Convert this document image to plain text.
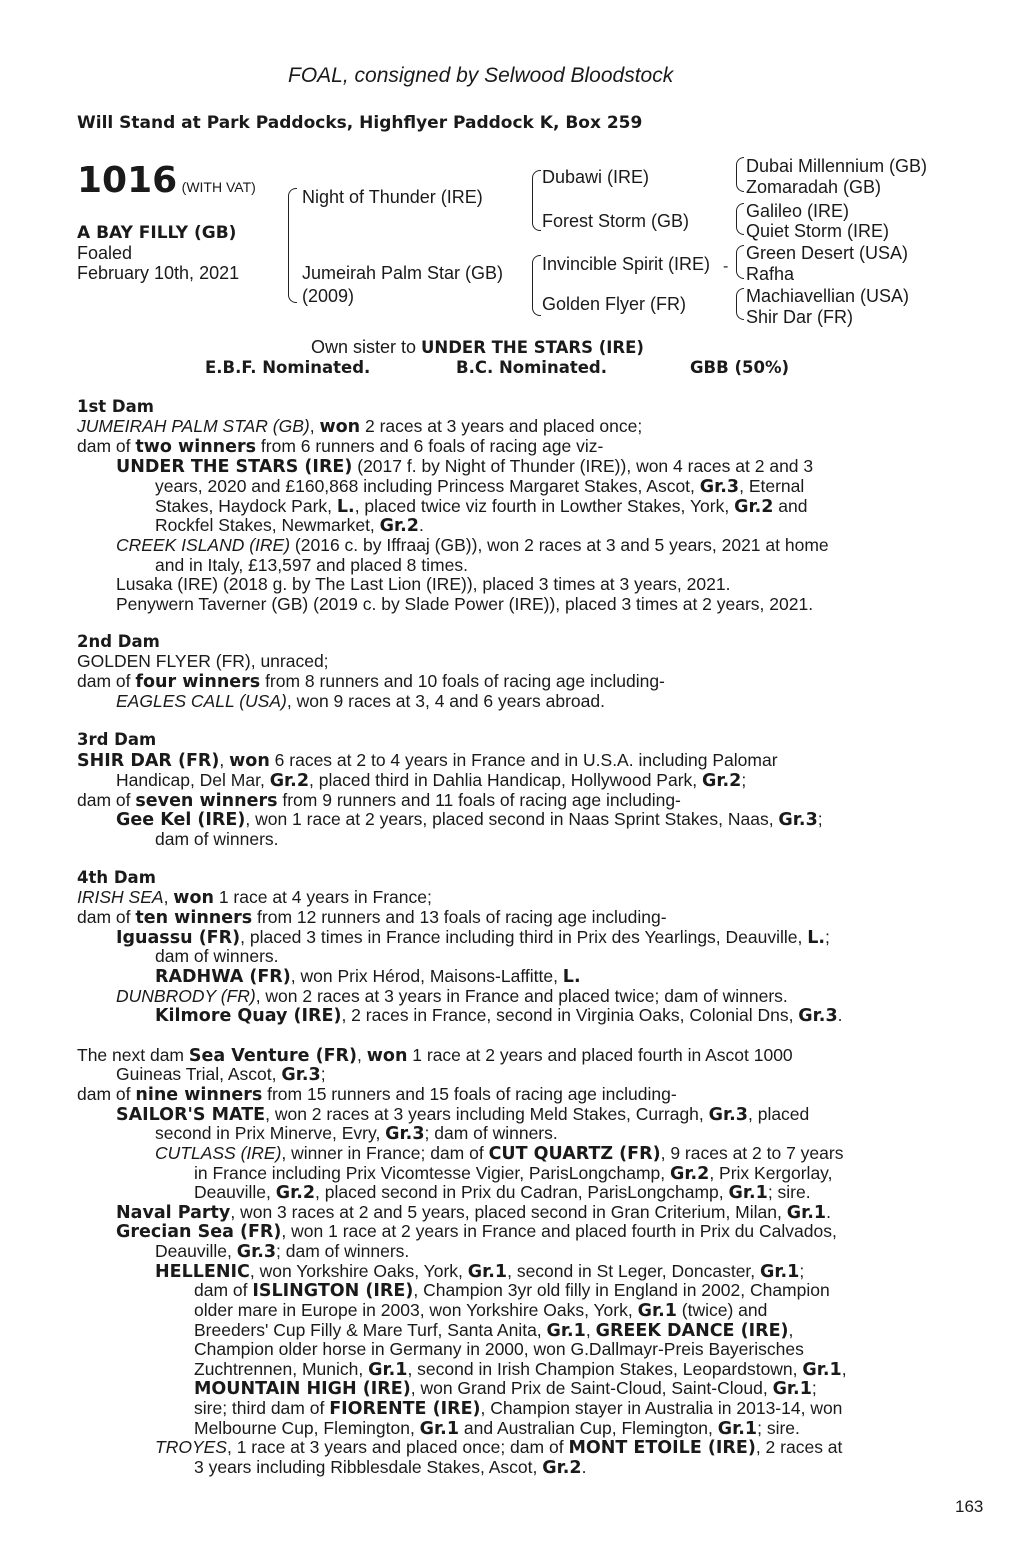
FOAL, consigned by Selwood Bloodstock
Will Stand at Park Paddocks, Highflyer Paddock K, Box 259
1016 (WITH VAT)
A BAY FILLY (GB)
Foaled
February 10th, 2021
Night of Thunder (IRE)
Jumeirah Palm Star (GB)
(2009)
Dubawi (IRE)
Forest Storm (GB)
Invincible Spirit (IRE)
Golden Flyer (FR)
Dubai Millennium (GB)
Zomaradah (GB)
Galileo (IRE)
Quiet Storm (IRE)
Green Desert (USA)
Rafha
Machiavellian (USA)
Shir Dar (FR)
-
Own sister to UNDER THE STARS (IRE)
E.B.F. Nominated.	B.C. Nominated.	GBB (50%)
1st Dam
JUMEIRAH PALM STAR (GB), won 2 races at 3 years and placed once;
dam of two winners from 6 runners and 6 foals of racing age viz-
UNDER THE STARS (IRE) (2017 f. by Night of Thunder (IRE)), won 4 races at 2 and 3
years, 2020 and £160,868 including Princess Margaret Stakes, Ascot, Gr.3, Eternal
Stakes, Haydock Park, L., placed twice viz fourth in Lowther Stakes, York, Gr.2 and
Rockfel Stakes, Newmarket, Gr.2.
CREEK ISLAND (IRE) (2016 c. by Iffraaj (GB)), won 2 races at 3 and 5 years, 2021 at home
and in Italy, £13,597 and placed 8 times.
Lusaka (IRE) (2018 g. by The Last Lion (IRE)), placed 3 times at 3 years, 2021.
Penywern Taverner (GB) (2019 c. by Slade Power (IRE)), placed 3 times at 2 years, 2021.
2nd Dam
GOLDEN FLYER (FR), unraced;
dam of four winners from 8 runners and 10 foals of racing age including-
EAGLES CALL (USA), won 9 races at 3, 4 and 6 years abroad.
3rd Dam
SHIR DAR (FR), won 6 races at 2 to 4 years in France and in U.S.A. including Palomar
Handicap, Del Mar, Gr.2, placed third in Dahlia Handicap, Hollywood Park, Gr.2;
dam of seven winners from 9 runners and 11 foals of racing age including-
Gee Kel (IRE), won 1 race at 2 years, placed second in Naas Sprint Stakes, Naas, Gr.3;
dam of winners.
4th Dam
IRISH SEA, won 1 race at 4 years in France;
dam of ten winners from 12 runners and 13 foals of racing age including-
Iguassu (FR), placed 3 times in France including third in Prix des Yearlings, Deauville, L.;
dam of winners.
RADHWA (FR), won Prix Hérod, Maisons-Laffitte, L.
DUNBRODY (FR), won 2 races at 3 years in France and placed twice; dam of winners.
Kilmore Quay (IRE), 2 races in France, second in Virginia Oaks, Colonial Dns, Gr.3.
The next dam Sea Venture (FR), won 1 race at 2 years and placed fourth in Ascot 1000
Guineas Trial, Ascot, Gr.3;
dam of nine winners from 15 runners and 15 foals of racing age including-
SAILOR'S MATE, won 2 races at 3 years including Meld Stakes, Curragh, Gr.3, placed
second in Prix Minerve, Evry, Gr.3; dam of winners.
CUTLASS (IRE), winner in France; dam of CUT QUARTZ (FR), 9 races at 2 to 7 years
in France including Prix Vicomtesse Vigier, ParisLongchamp, Gr.2, Prix Kergorlay,
Deauville, Gr.2, placed second in Prix du Cadran, ParisLongchamp, Gr.1; sire.
Naval Party, won 3 races at 2 and 5 years, placed second in Gran Criterium, Milan, Gr.1.
Grecian Sea (FR), won 1 race at 2 years in France and placed fourth in Prix du Calvados,
Deauville, Gr.3; dam of winners.
HELLENIC, won Yorkshire Oaks, York, Gr.1, second in St Leger, Doncaster, Gr.1;
dam of ISLINGTON (IRE), Champion 3yr old filly in England in 2002, Champion
older mare in Europe in 2003, won Yorkshire Oaks, York, Gr.1 (twice) and
Breeders' Cup Filly & Mare Turf, Santa Anita, Gr.1, GREEK DANCE (IRE),
Champion older horse in Germany in 2000, won G.Dallmayr-Preis Bayerisches
Zuchtrennen, Munich, Gr.1, second in Irish Champion Stakes, Leopardstown, Gr.1,
MOUNTAIN HIGH (IRE), won Grand Prix de Saint-Cloud, Saint-Cloud, Gr.1;
sire; third dam of FIORENTE (IRE), Champion stayer in Australia in 2013-14, won
Melbourne Cup, Flemington, Gr.1 and Australian Cup, Flemington, Gr.1; sire.
TROYES, 1 race at 3 years and placed once; dam of MONT ETOILE (IRE), 2 races at
3 years including Ribblesdale Stakes, Ascot, Gr.2.
163
